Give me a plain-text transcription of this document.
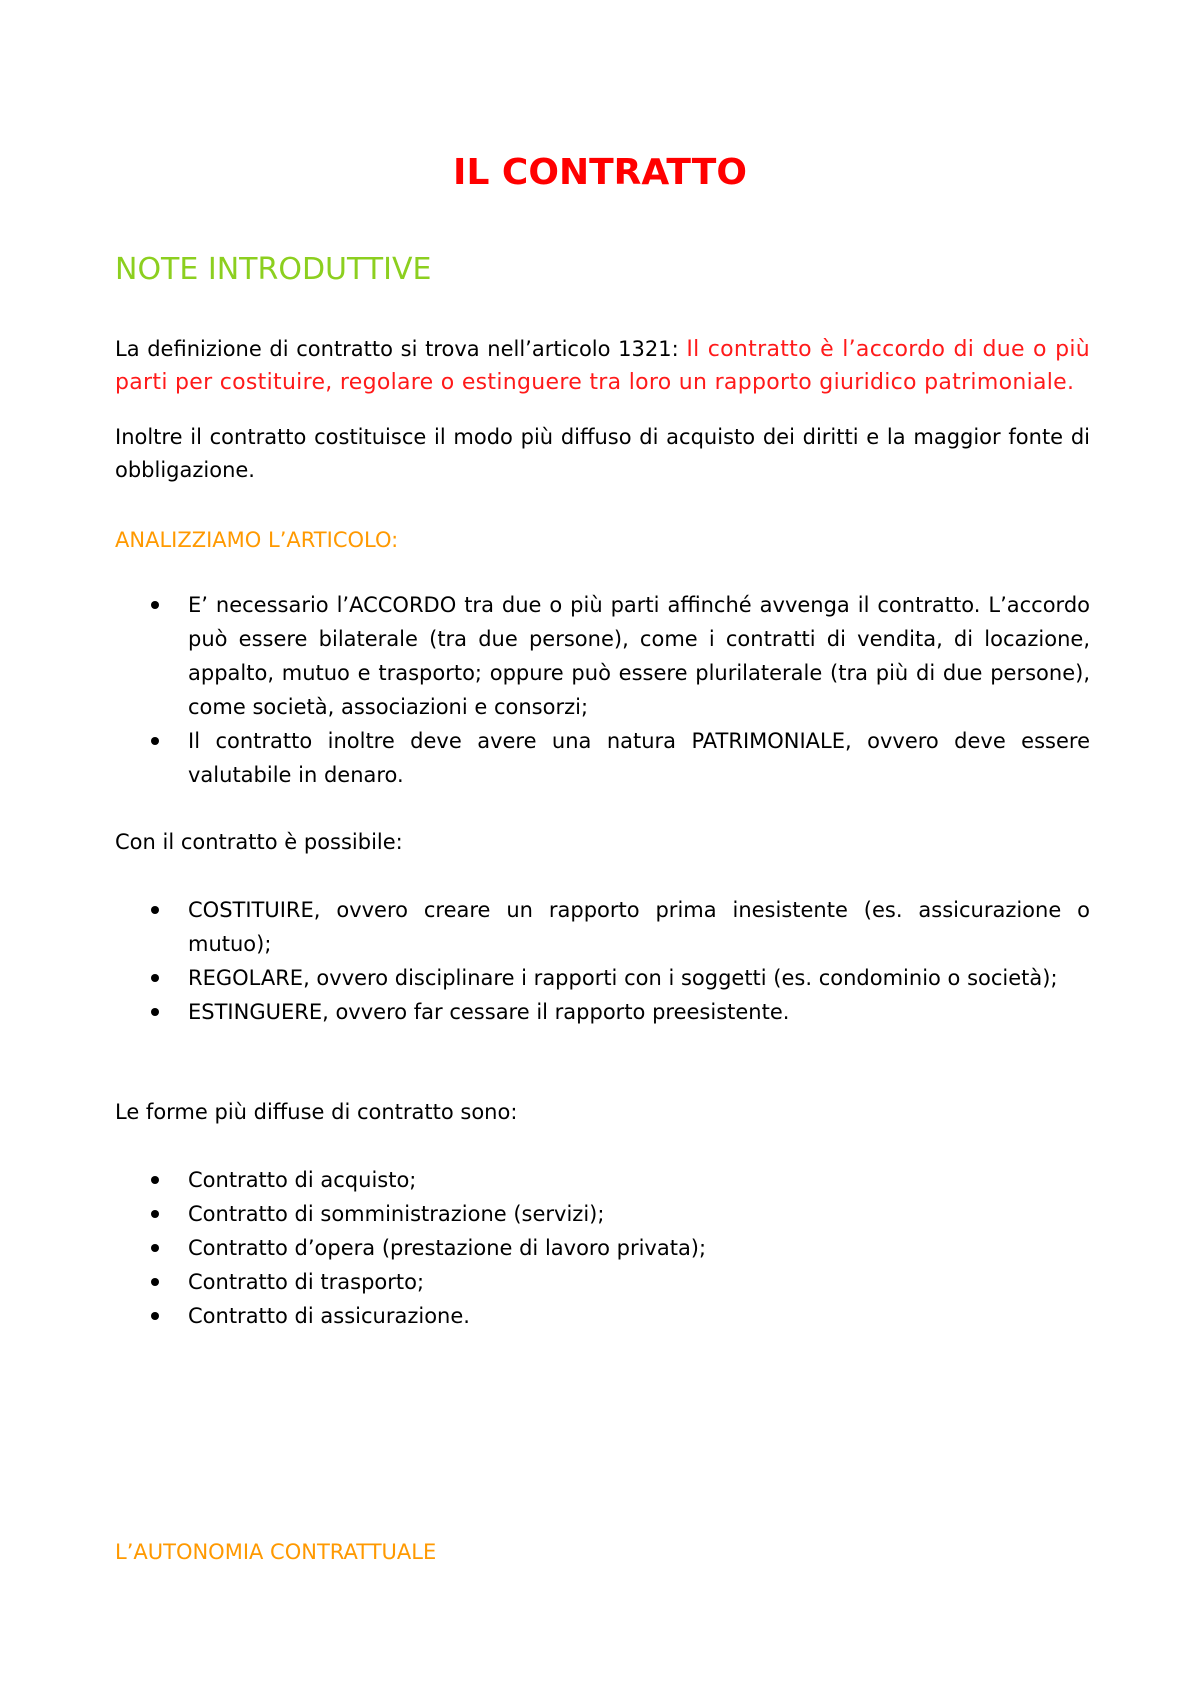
IL CONTRATTO
NOTE INTRODUTTIVE
La definizione di contratto si trova nell’articolo 1321: Il contratto è l’accordo di due o più parti per costituire, regolare o estinguere tra loro un rapporto giuridico patrimoniale.

Inoltre il contratto costituisce il modo più diffuso di acquisto dei diritti e la maggior fonte di obbligazione.

ANALIZZIAMO L’ARTICOLO:
E’ necessario l’ACCORDO tra due o più parti affinché avvenga il contratto. L’accordo può essere bilaterale (tra due persone), come i contratti di vendita, di locazione, appalto, mutuo e trasporto; oppure può essere plurilaterale (tra più di due persone), come società, associazioni e consorzi;
Il contratto inoltre deve avere una natura PATRIMONIALE, ovvero deve essere valutabile in denaro.

Con il contratto è possibile:

COSTITUIRE, ovvero creare un rapporto prima inesistente (es. assicurazione o mutuo);
REGOLARE, ovvero disciplinare i rapporti con i soggetti (es. condominio o società);
ESTINGUERE, ovvero far cessare il rapporto preesistente.

Le forme più diffuse di contratto sono:

Contratto di acquisto;
Contratto di somministrazione (servizi);
Contratto d’opera (prestazione di lavoro privata);
Contratto di trasporto;
Contratto di assicurazione.
L’AUTONOMIA CONTRATTUALE
